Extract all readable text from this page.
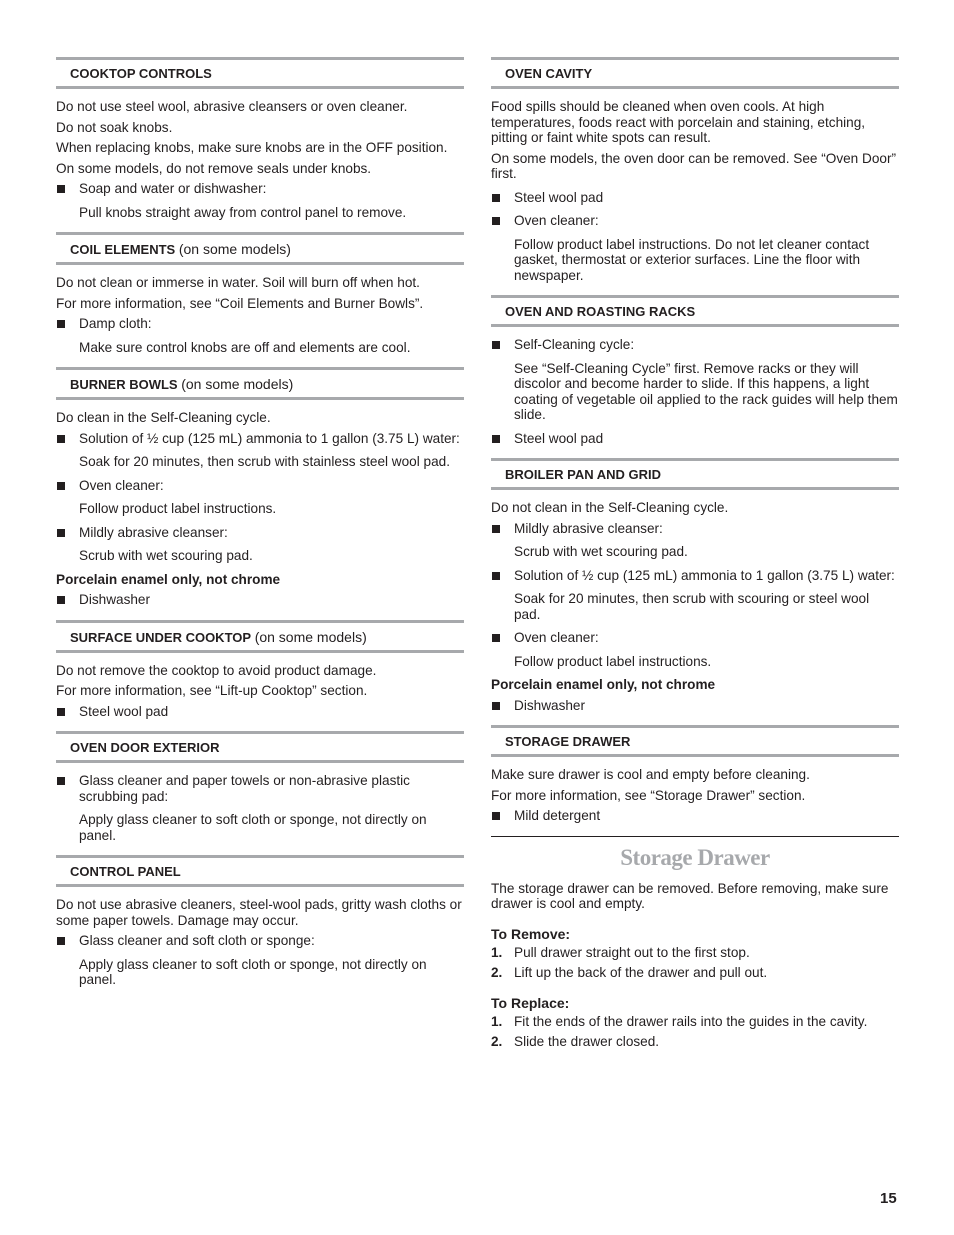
COOKTOP CONTROLS

Do not use steel wool, abrasive cleansers or oven cleaner.

Do not soak knobs.

When replacing knobs, make sure knobs are in the OFF position.

On some models, do not remove seals under knobs.

Soap and water or dishwasher:
Pull knobs straight away from control panel to remove.
COIL ELEMENTS (on some models)

Do not clean or immerse in water. Soil will burn off when hot.

For more information, see “Coil Elements and Burner Bowls”.

Damp cloth:
Make sure control knobs are off and elements are cool.
BURNER BOWLS (on some models)

Do clean in the Self-Cleaning cycle.

Solution of ½ cup (125 mL) ammonia to 1 gallon (3.75 L) water:
Soak for 20 minutes, then scrub with stainless steel wool pad.
Oven cleaner:
Follow product label instructions.
Mildly abrasive cleanser:
Scrub with wet scouring pad.

Porcelain enamel only, not chrome

Dishwasher
SURFACE UNDER COOKTOP (on some models)

Do not remove the cooktop to avoid product damage.

For more information, see “Lift-up Cooktop” section.

Steel wool pad
OVEN DOOR EXTERIOR
Glass cleaner and paper towels or non-abrasive plastic scrubbing pad:
Apply glass cleaner to soft cloth or sponge, not directly on panel.
CONTROL PANEL

Do not use abrasive cleaners, steel-wool pads, gritty wash cloths or some paper towels. Damage may occur.

Glass cleaner and soft cloth or sponge:
Apply glass cleaner to soft cloth or sponge, not directly on panel.
OVEN CAVITY

Food spills should be cleaned when oven cools. At high temperatures, foods react with porcelain and staining, etching, pitting or faint white spots can result.

On some models, the oven door can be removed. See “Oven Door” first.

Steel wool pad
Oven cleaner:
Follow product label instructions. Do not let cleaner contact gasket, thermostat or exterior surfaces. Line the floor with newspaper.
OVEN AND ROASTING RACKS
Self-Cleaning cycle:
See “Self-Cleaning Cycle” first. Remove racks or they will discolor and become harder to slide. If this happens, a light coating of vegetable oil applied to the rack guides will help them slide.
Steel wool pad
BROILER PAN AND GRID

Do not clean in the Self-Cleaning cycle.

Mildly abrasive cleanser:
Scrub with wet scouring pad.
Solution of ½ cup (125 mL) ammonia to 1 gallon (3.75 L) water:
Soak for 20 minutes, then scrub with scouring or steel wool pad.
Oven cleaner:
Follow product label instructions.

Porcelain enamel only, not chrome

Dishwasher
STORAGE DRAWER

Make sure drawer is cool and empty before cleaning.

For more information, see “Storage Drawer” section.

Mild detergent
Storage Drawer

The storage drawer can be removed. Before removing, make sure drawer is cool and empty.

To Remove:
1. Pull drawer straight out to the first stop.
2. Lift up the back of the drawer and pull out.
To Replace:
1. Fit the ends of the drawer rails into the guides in the cavity.
2. Slide the drawer closed.
15
